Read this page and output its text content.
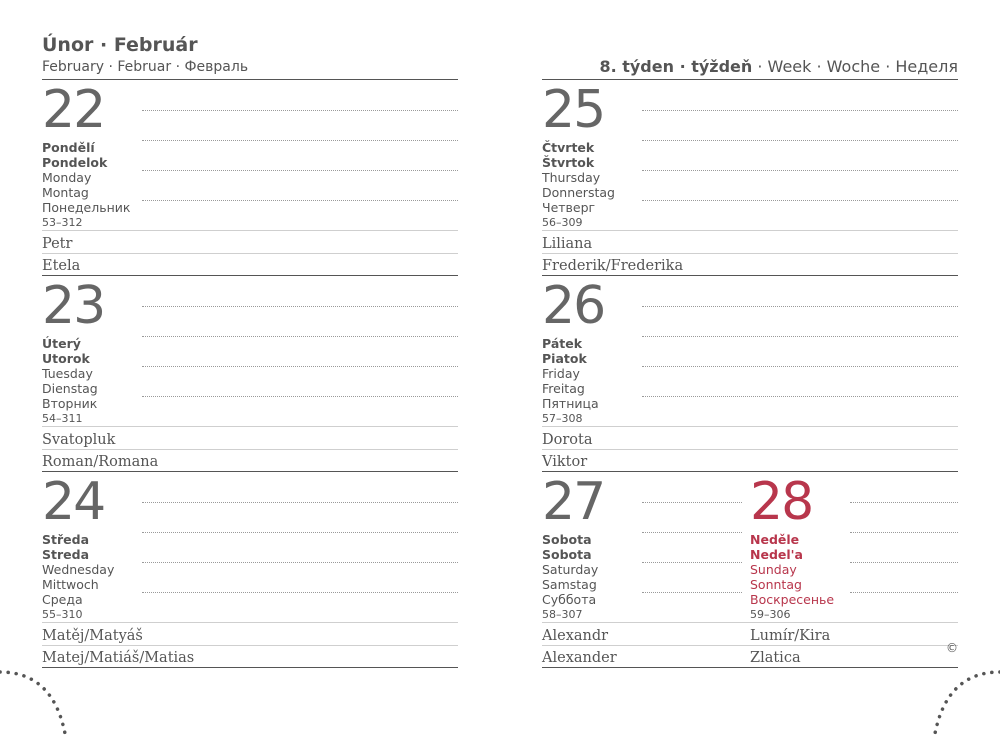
Únor · Február
February · Februar · Февраль	8. týden · týždeň · Week · Woche · Неделя
22
Pondělí
Pondelok
Monday
Montag
Понедельник
53–312
Petr
Etela
23
Úterý
Utorok
Tuesday
Dienstag
Вторник
54–311
Svatopluk
Roman/Romana
24
Středa
Streda
Wednesday
Mittwoch
Среда
55–310
Matěj/Matyáš
Matej/Matiáš/Matias
25
Čtvrtek
Štvrtok
Thursday
Donnerstag
Четверг
56–309
Liliana
Frederik/Frederika
26
Pátek
Piatok
Friday
Freitag
Пятница
57–308
Dorota
Viktor
27
Sobota
Sobota
Saturday
Samstag
Суббота
58–307
Alexandr
Alexander
28
Neděle
Nedel'a
Sunday
Sonntag
Воскресенье
59–306
Lumír/Kira
Zlatica
©
